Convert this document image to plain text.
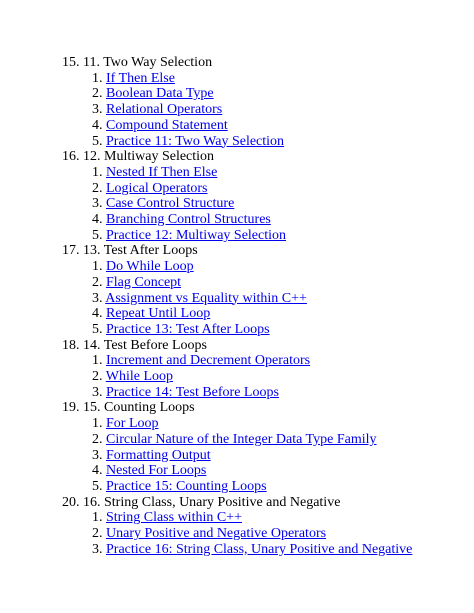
15. 11. Two Way Selection
1. If Then Else
2. Boolean Data Type
3. Relational Operators
4. Compound Statement
5. Practice 11: Two Way Selection
16. 12. Multiway Selection
1. Nested If Then Else
2. Logical Operators
3. Case Control Structure
4. Branching Control Structures
5. Practice 12: Multiway Selection
17. 13. Test After Loops
1. Do While Loop
2. Flag Concept
3. Assignment vs Equality within C++
4. Repeat Until Loop
5. Practice 13: Test After Loops
18. 14. Test Before Loops
1. Increment and Decrement Operators
2. While Loop
3. Practice 14: Test Before Loops
19. 15. Counting Loops
1. For Loop
2. Circular Nature of the Integer Data Type Family
3. Formatting Output
4. Nested For Loops
5. Practice 15: Counting Loops
20. 16. String Class, Unary Positive and Negative
1. String Class within C++
2. Unary Positive and Negative Operators
3. Practice 16: String Class, Unary Positive and Negative
